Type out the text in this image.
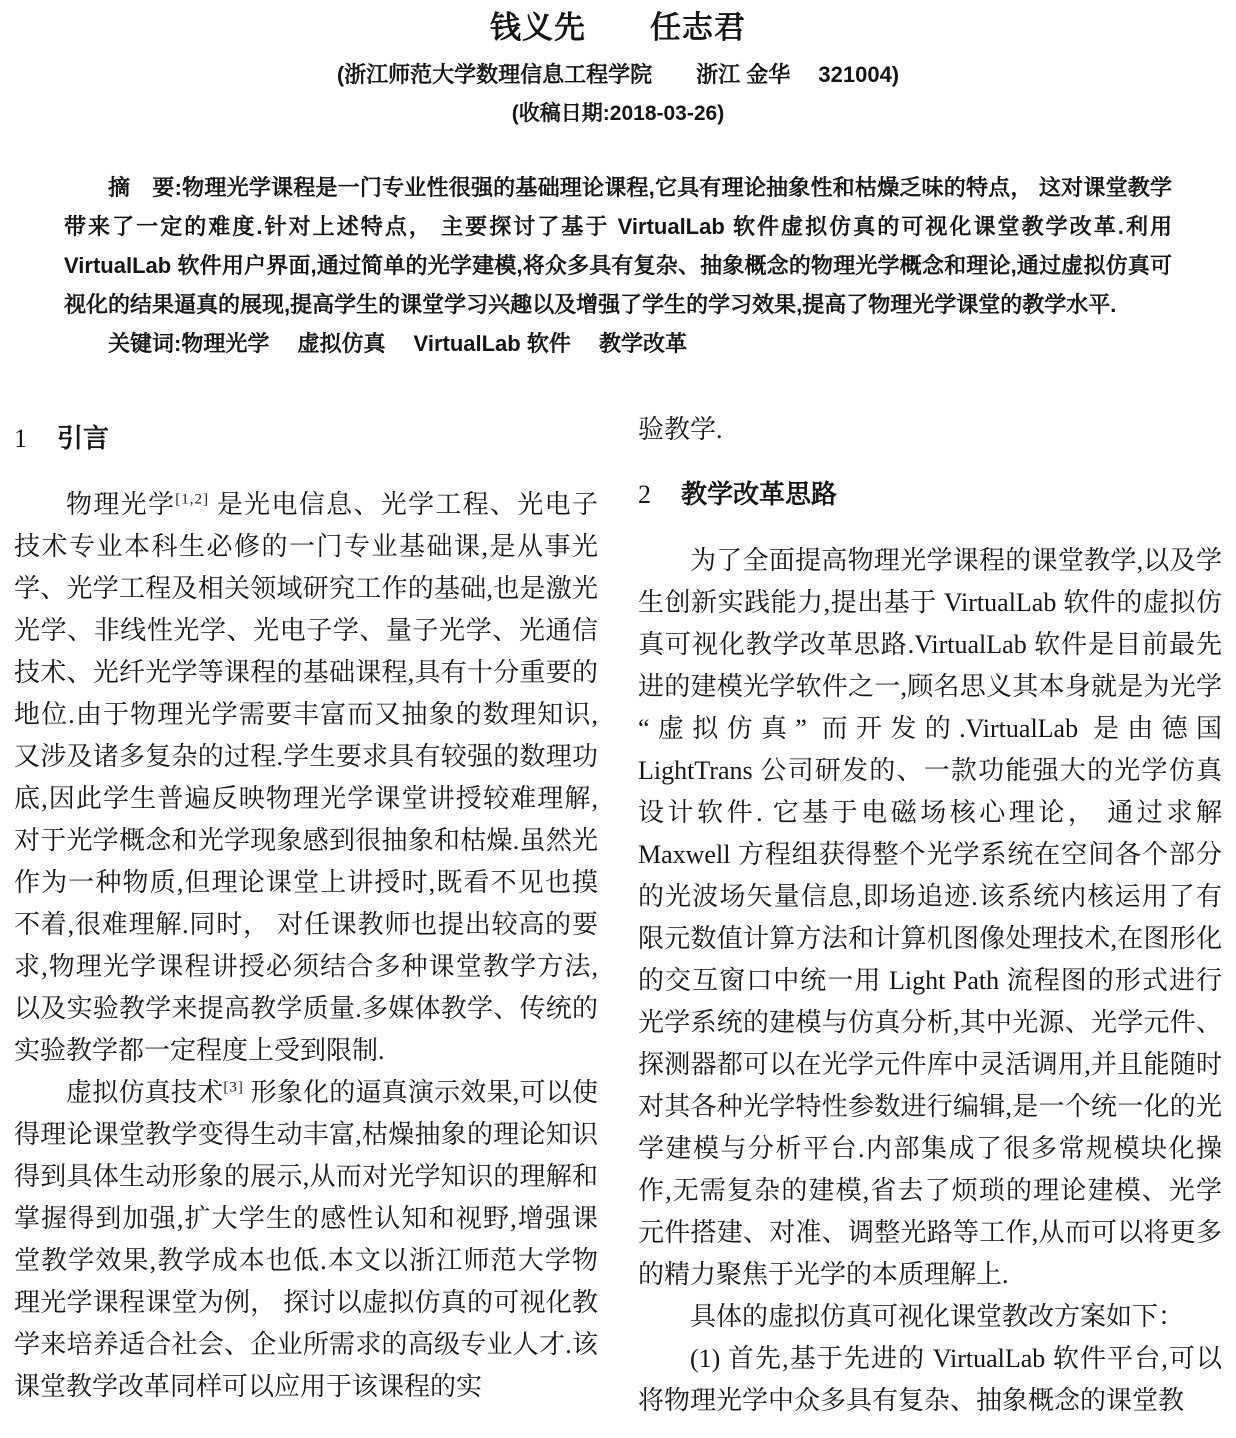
钱义先　　任志君
(浙江师范大学数理信息工程学院　　浙江 金华　 321004)
(收稿日期:2018-03-26)

摘　要:物理光学课程是一门专业性很强的基础理论课程,它具有理论抽象性和枯燥乏味的特点， 这对课堂教学带来了一定的难度.针对上述特点， 主要探讨了基于 VirtualLab 软件虚拟仿真的可视化课堂教学改革.利用 VirtualLab 软件用户界面,通过简单的光学建模,将众多具有复杂、抽象概念的物理光学概念和理论,通过虚拟仿真可视化的结果逼真的展现,提高学生的课堂学习兴趣以及增强了学生的学习效果,提高了物理光学课堂的教学水平.

关键词:物理光学　 虚拟仿真　 VirtualLab 软件　 教学改革

1 引言

物理光学[1,2] 是光电信息、光学工程、光电子技术专业本科生必修的一门专业基础课,是从事光学、光学工程及相关领域研究工作的基础,也是激光光学、非线性光学、光电子学、量子光学、光通信技术、光纤光学等课程的基础课程,具有十分重要的地位.由于物理光学需要丰富而又抽象的数理知识,又涉及诸多复杂的过程.学生要求具有较强的数理功底,因此学生普遍反映物理光学课堂讲授较难理解,对于光学概念和光学现象感到很抽象和枯燥.虽然光作为一种物质,但理论课堂上讲授时,既看不见也摸不着,很难理解.同时， 对任课教师也提出较高的要求,物理光学课程讲授必须结合多种课堂教学方法,以及实验教学来提高教学质量.多媒体教学、传统的实验教学都一定程度上受到限制.

虚拟仿真技术[3] 形象化的逼真演示效果,可以使得理论课堂教学变得生动丰富,枯燥抽象的理论知识得到具体生动形象的展示,从而对光学知识的理解和掌握得到加强,扩大学生的感性认知和视野,增强课堂教学效果,教学成本也低.本文以浙江师范大学物理光学课程课堂为例， 探讨以虚拟仿真的可视化教学来培养适合社会、企业所需求的高级专业人才.该课堂教学改革同样可以应用于该课程的实

验教学.

2 教学改革思路

为了全面提高物理光学课程的课堂教学,以及学生创新实践能力,提出基于 VirtualLab 软件的虚拟仿真可视化教学改革思路.VirtualLab 软件是目前最先进的建模光学软件之一,顾名思义其本身就是为光学“虚拟仿真” 而开发的.VirtualLab 是由德国 LightTrans 公司研发的、一款功能强大的光学仿真设计软件. 它基于电磁场核心理论， 通过求解 Maxwell 方程组获得整个光学系统在空间各个部分的光波场矢量信息,即场追迹.该系统内核运用了有限元数值计算方法和计算机图像处理技术,在图形化的交互窗口中统一用 Light Path 流程图的形式进行光学系统的建模与仿真分析,其中光源、光学元件、探测器都可以在光学元件库中灵活调用,并且能随时对其各种光学特性参数进行编辑,是一个统一化的光学建模与分析平台.内部集成了很多常规模块化操作,无需复杂的建模,省去了烦琐的理论建模、光学元件搭建、对准、调整光路等工作,从而可以将更多的精力聚焦于光学的本质理解上.

具体的虚拟仿真可视化课堂教改方案如下：

(1) 首先,基于先进的 VirtualLab 软件平台,可以将物理光学中众多具有复杂、抽象概念的课堂教
